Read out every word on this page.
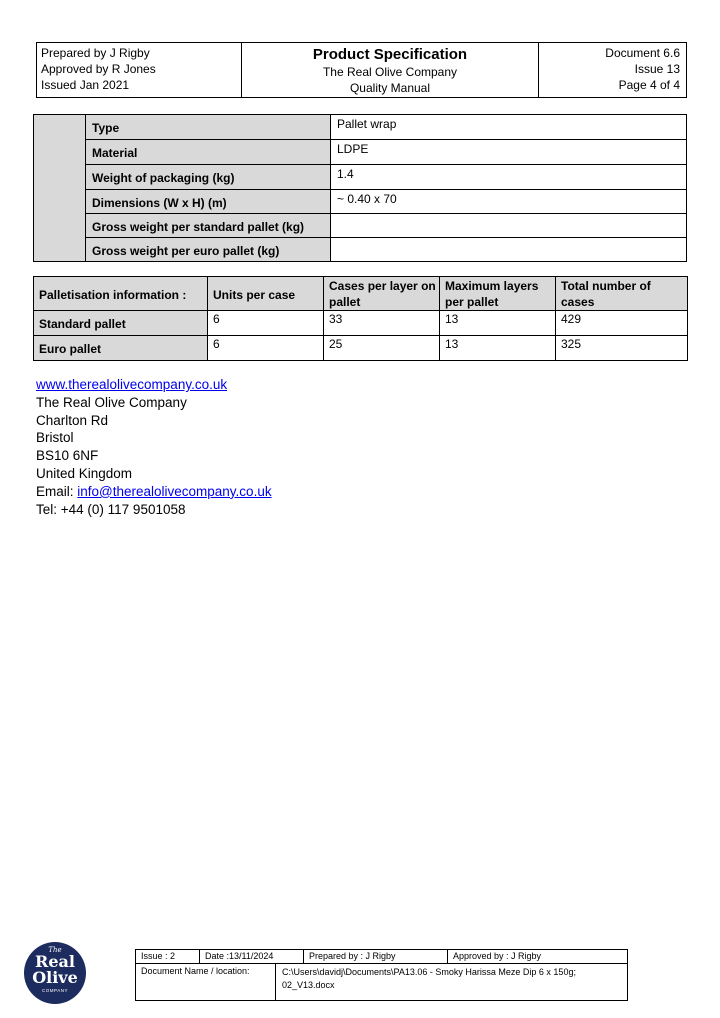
Prepared by J Rigby
Approved by R Jones
Issued Jan 2021
Product Specification
The Real Olive Company
Quality Manual
Document 6.6
Issue 13
Page 4 of 4
Type	Pallet wrap
Material	LDPE
Weight of packaging (kg)	1.4
Dimensions (W x H) (m)	~ 0.40 x 70
Gross weight per standard pallet (kg)
Gross weight per euro pallet (kg)
Palletisation information :	Units per case	Cases per layer on pallet	Maximum layers per pallet	Total number of cases
Standard pallet	6	33	13	429
Euro pallet	6	25	13	325
www.therealolivecompany.co.uk
The Real Olive Company
Charlton Rd
Bristol
BS10 6NF
United Kingdom
Email: info@therealolivecompany.co.uk
Tel: +44 (0) 117 9501058
The
Real
Olive
COMPANY
Issue : 2	Date :13/11/2024	Prepared by : J Rigby	Approved by : J Rigby
Document Name / location:	C:\Users\davidj\Documents\PA13.06 - Smoky Harissa Meze Dip 6 x 150g; 02_V13.docx
